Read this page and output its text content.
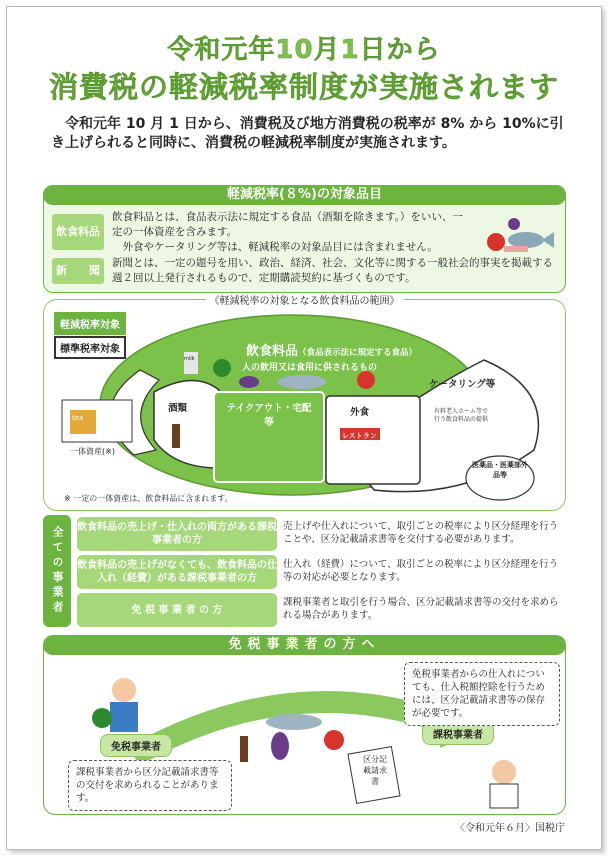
令和元年10月1日から
消費税の軽減税率制度が実施されます
令和元年 10 月 1 日から、消費税及び地方消費税の税率が 8% から 10%に引き上げられると同時に、消費税の軽減税率制度が実施されます。
軽減税率(８%)の対象品目
飲食料品
飲食料品とは、食品表示法に規定する食品（酒類を除きます。）をいい、一定の一体資産を含みます。
外食やケータリング等は、軽減税率の対象品目には含まれません。
新　　聞
新聞とは、一定の題号を用い、政治、経済、社会、文化等に関する一般社会的事実を掲載する週２回以上発行されるもので、定期購読契約に基づくものです。
《軽減税率の対象となる飲食料品の範囲》
軽減税率対象
標準税率対象	飲食料品（食品表示法に規定する食品）
人の飲用又は食用に供されるもの
酒類	テイクアウト・宅配等
外食
レストラン
ケータリング等
有料老人ホーム等で行う飲食料品の提供
一体資産(※)
tea
milk
医薬品・医薬部外品等
※ 一定の一体資産は、飲食料品に含まれます。
全ての事業者	飲食料品の売上げ・仕入れの両方がある課税事業者の方
売上げや仕入れについて、取引ごとの税率により区分経理を行うことや、区分記載請求書等を交付する必要があります。
飲食料品の売上げがなくても、飲食料品の仕入れ（経費）がある課税事業者の方
仕入れ（経費）について、取引ごとの税率により区分経理を行う等の対応が必要となります。
免 税 事 業 者 の 方
課税事業者と取引を行う場合、区分記載請求書等の交付を求められる場合があります。
免税事業者の方へ
区分記載請求書
免税事業者
課税事業者
課税事業者から区分記載請求書等の交付を求められることがあります。
免税事業者からの仕入れについても、仕入税額控除を行うためには、区分記載請求書等の保存が必要です。
〈令和元年６月〉国税庁
